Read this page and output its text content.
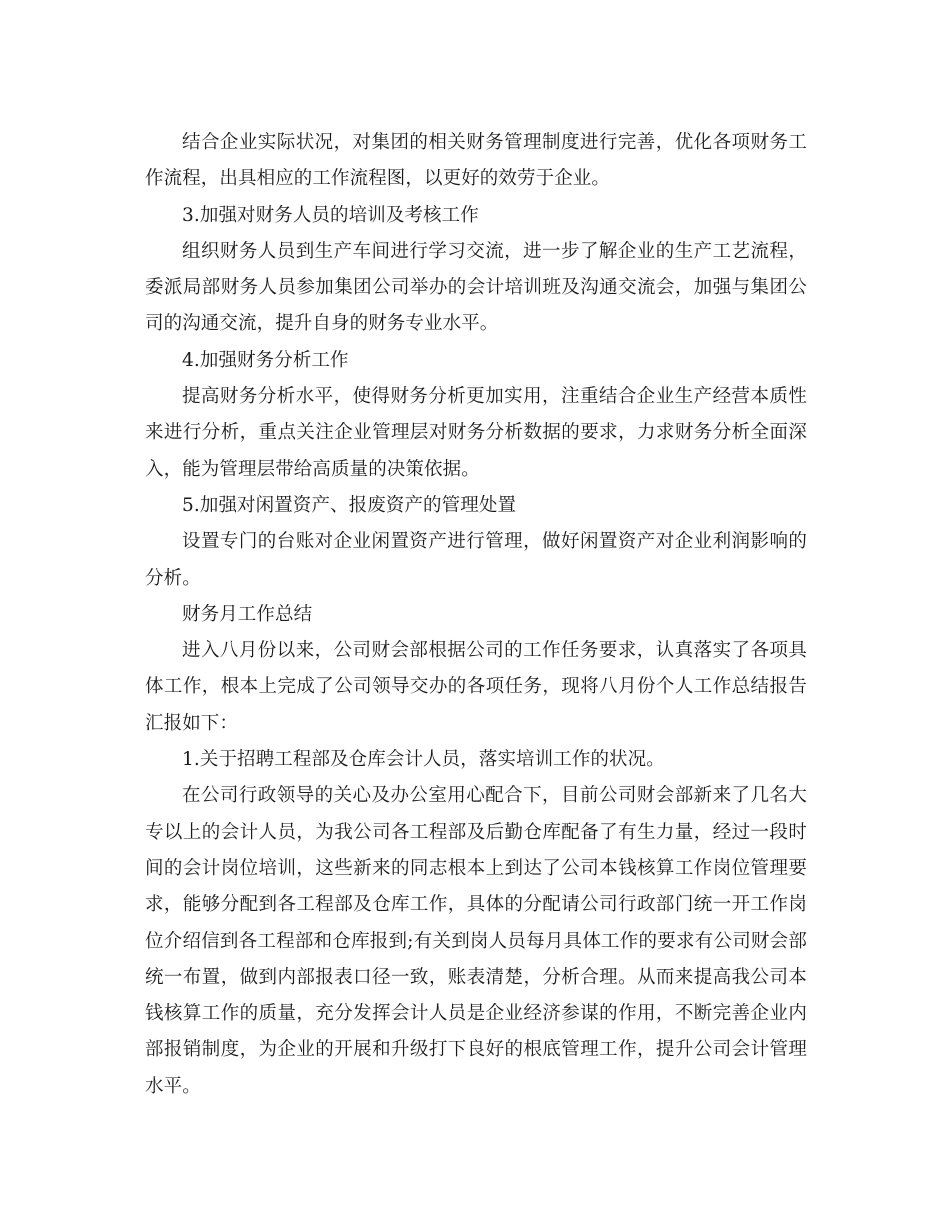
结合企业实际状况，对集团的相关财务管理制度进行完善，优化各项财务工作流程，出具相应的工作流程图，以更好的效劳于企业。

3.加强对财务人员的培训及考核工作

组织财务人员到生产车间进行学习交流，进一步了解企业的生产工艺流程，委派局部财务人员参加集团公司举办的会计培训班及沟通交流会，加强与集团公司的沟通交流，提升自身的财务专业水平。

4.加强财务分析工作

提高财务分析水平，使得财务分析更加实用，注重结合企业生产经营本质性来进行分析，重点关注企业管理层对财务分析数据的要求，力求财务分析全面深入，能为管理层带给高质量的决策依据。

5.加强对闲置资产、报废资产的管理处置

设置专门的台账对企业闲置资产进行管理，做好闲置资产对企业利润影响的分析。

财务月工作总结

进入八月份以来，公司财会部根据公司的工作任务要求，认真落实了各项具体工作，根本上完成了公司领导交办的各项任务，现将八月份个人工作总结报告汇报如下：

1.关于招聘工程部及仓库会计人员，落实培训工作的状况。

在公司行政领导的关心及办公室用心配合下，目前公司财会部新来了几名大专以上的会计人员，为我公司各工程部及后勤仓库配备了有生力量，经过一段时间的会计岗位培训，这些新来的同志根本上到达了公司本钱核算工作岗位管理要求，能够分配到各工程部及仓库工作，具体的分配请公司行政部门统一开工作岗位介绍信到各工程部和仓库报到;有关到岗人员每月具体工作的要求有公司财会部统一布置，做到内部报表口径一致，账表清楚，分析合理。从而来提高我公司本钱核算工作的质量，充分发挥会计人员是企业经济参谋的作用，不断完善企业内部报销制度，为企业的开展和升级打下良好的根底管理工作，提升公司会计管理水平。
